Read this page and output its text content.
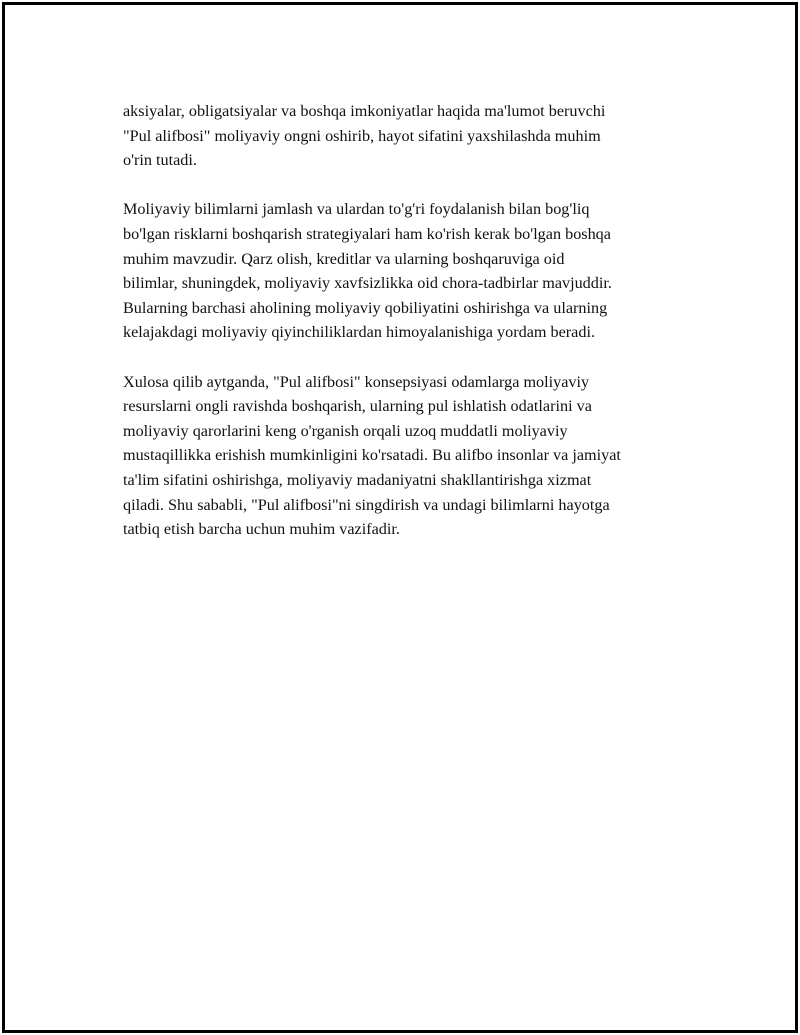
aksiyalar, obligatsiyalar va boshqa imkoniyatlar haqida ma'lumot beruvchi
"Pul alifbosi" moliyaviy ongni oshirib, hayot sifatini yaxshilashda muhim
o'rin tutadi.
Moliyaviy bilimlarni jamlash va ulardan to'g'ri foydalanish bilan bog'liq
bo'lgan risklarni boshqarish strategiyalari ham ko'rish kerak bo'lgan boshqa
muhim mavzudir. Qarz olish, kreditlar va ularning boshqaruviga oid
bilimlar, shuningdek, moliyaviy xavfsizlikka oid chora-tadbirlar mavjuddir.
Bularning barchasi aholining moliyaviy qobiliyatini oshirishga va ularning
kelajakdagi moliyaviy qiyinchiliklardan himoyalanishiga yordam beradi.
Xulosa qilib aytganda, "Pul alifbosi" konsepsiyasi odamlarga moliyaviy
resurslarni ongli ravishda boshqarish, ularning pul ishlatish odatlarini va
moliyaviy qarorlarini keng o'rganish orqali uzoq muddatli moliyaviy
mustaqillikka erishish mumkinligini ko'rsatadi. Bu alifbo insonlar va jamiyat
ta'lim sifatini oshirishga, moliyaviy madaniyatni shakllantirishga xizmat
qiladi. Shu sababli, "Pul alifbosi"ni singdirish va undagi bilimlarni hayotga
tatbiq etish barcha uchun muhim vazifadir.
